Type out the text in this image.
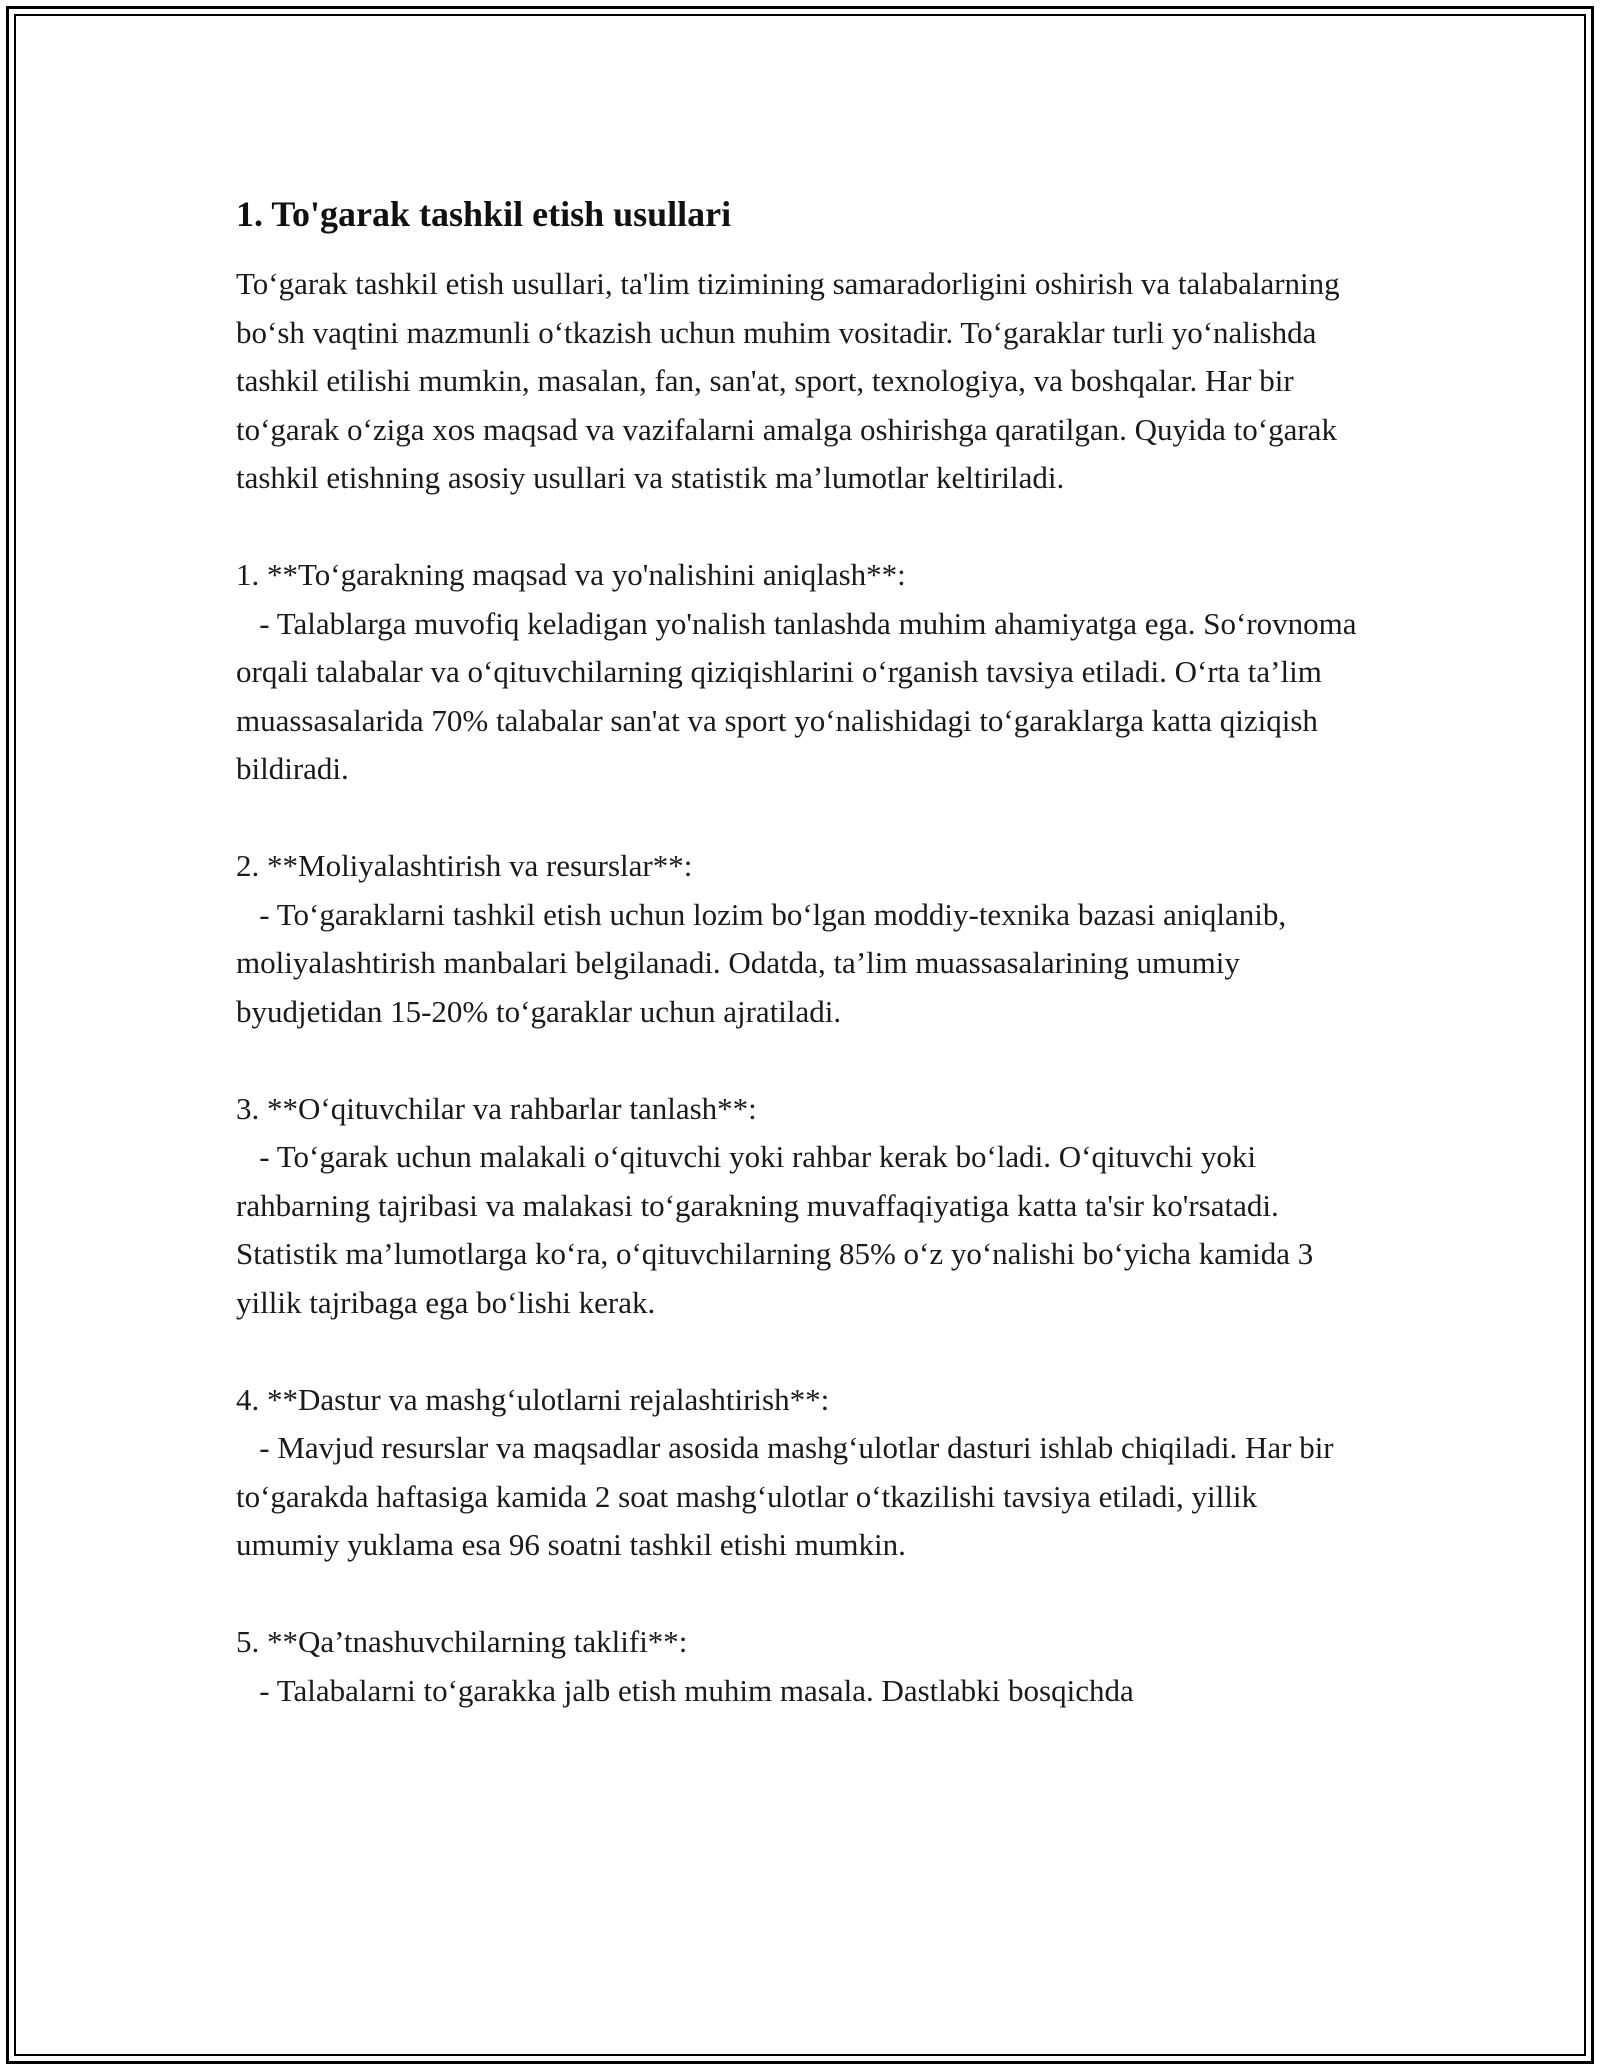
1. To'garak tashkil etish usullari

To‘garak tashkil etish usullari, ta'lim tizimining samaradorligini oshirish va talabalarning bo‘sh vaqtini mazmunli o‘tkazish uchun muhim vositadir. To‘garaklar turli yo‘nalishda tashkil etilishi mumkin, masalan, fan, san'at, sport, texnologiya, va boshqalar. Har bir to‘garak o‘ziga xos maqsad va vazifalarni amalga oshirishga qaratilgan. Quyida to‘garak tashkil etishning asosiy usullari va statistik ma’lumotlar keltiriladi.

1. **To‘garakning maqsad va yo'nalishini aniqlash**:

- Talablarga muvofiq keladigan yo'nalish tanlashda muhim ahamiyatga ega. So‘rovnoma orqali talabalar va o‘qituvchilarning qiziqishlarini o‘rganish tavsiya etiladi. O‘rta ta’lim muassasalarida 70% talabalar san'at va sport yo‘nalishidagi to‘garaklarga katta qiziqish bildiradi.

2. **Moliyalashtirish va resurslar**:

- To‘garaklarni tashkil etish uchun lozim bo‘lgan moddiy-texnika bazasi aniqlanib, moliyalashtirish manbalari belgilanadi. Odatda, ta’lim muassasalarining umumiy byudjetidan 15-20% to‘garaklar uchun ajratiladi.

3. **O‘qituvchilar va rahbarlar tanlash**:

- To‘garak uchun malakali o‘qituvchi yoki rahbar kerak bo‘ladi. O‘qituvchi yoki rahbarning tajribasi va malakasi to‘garakning muvaffaqiyatiga katta ta'sir ko'rsatadi. Statistik ma’lumotlarga ko‘ra, o‘qituvchilarning 85% o‘z yo‘nalishi bo‘yicha kamida 3 yillik tajribaga ega bo‘lishi kerak.

4. **Dastur va mashg‘ulotlarni rejalashtirish**:

- Mavjud resurslar va maqsadlar asosida mashg‘ulotlar dasturi ishlab chiqiladi. Har bir to‘garakda haftasiga kamida 2 soat mashg‘ulotlar o‘tkazilishi tavsiya etiladi, yillik umumiy yuklama esa 96 soatni tashkil etishi mumkin.

5. **Qa’tnashuvchilarning taklifi**:

- Talabalarni to‘garakka jalb etish muhim masala. Dastlabki bosqichda
